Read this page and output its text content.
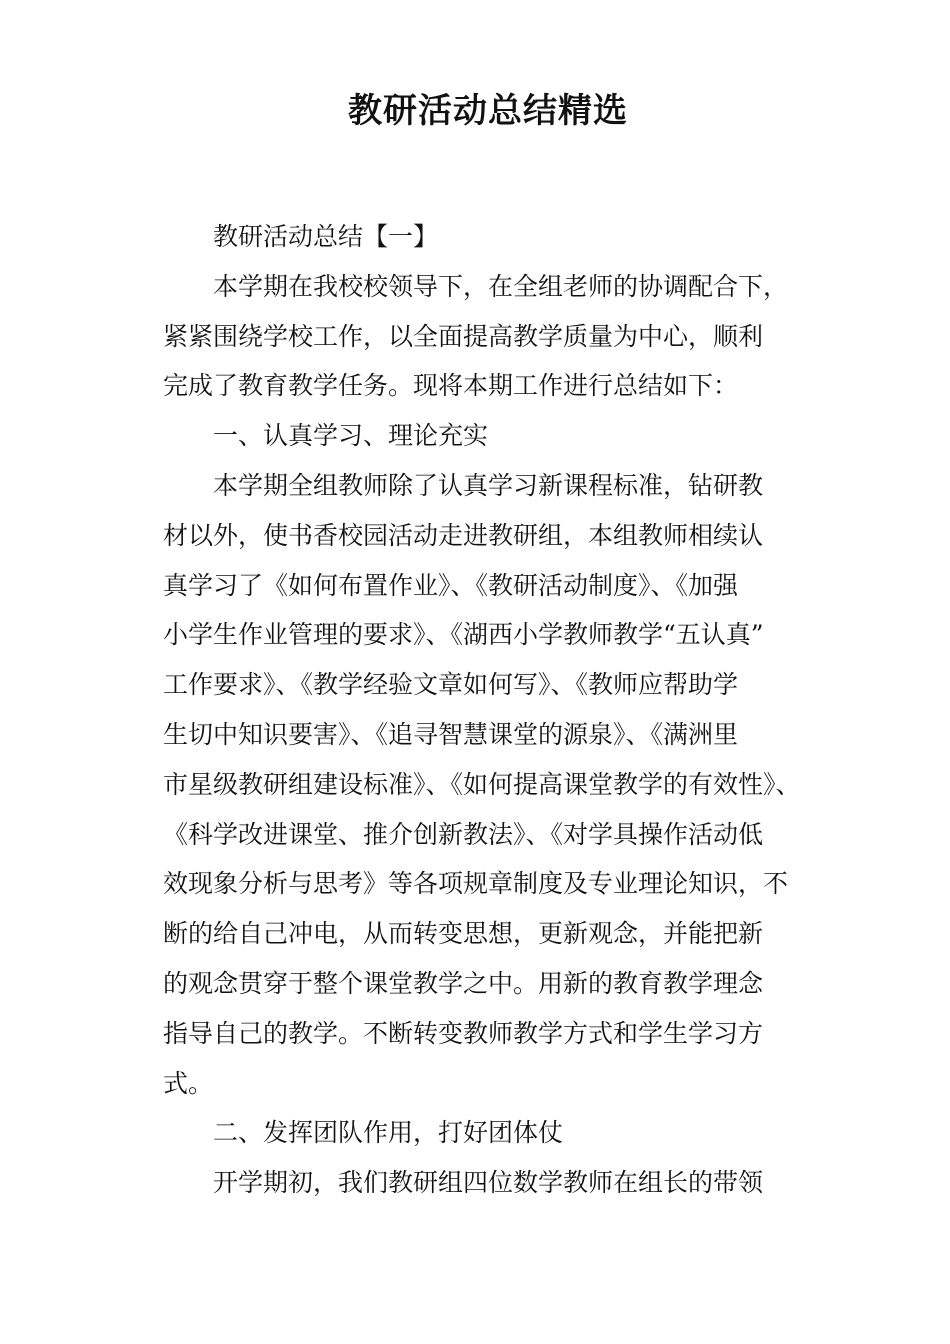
教研活动总结精选
教研活动总结【一】
本学期在我校校领导下，在全组老师的协调配合下，
紧紧围绕学校工作，以全面提高教学质量为中心，顺利
完成了教育教学任务。现将本期工作进行总结如下：
一、认真学习、理论充实
本学期全组教师除了认真学习新课程标准，钻研教
材以外，使书香校园活动走进教研组，本组教师相续认
真学习了《如何布置作业》、《教研活动制度》、《加强
小学生作业管理的要求》、《湖西小学教师教学“五认真”
工作要求》、《教学经验文章如何写》、《教师应帮助学
生切中知识要害》、《追寻智慧课堂的源泉》、《满洲里
市星级教研组建设标准》、《如何提高课堂教学的有效性》、
《科学改进课堂、推介创新教法》、《对学具操作活动低
效现象分析与思考》等各项规章制度及专业理论知识，不
断的给自己冲电，从而转变思想，更新观念，并能把新
的观念贯穿于整个课堂教学之中。用新的教育教学理念
指导自己的教学。不断转变教师教学方式和学生学习方
式。
二、发挥团队作用，打好团体仗
开学期初，我们教研组四位数学教师在组长的带领
